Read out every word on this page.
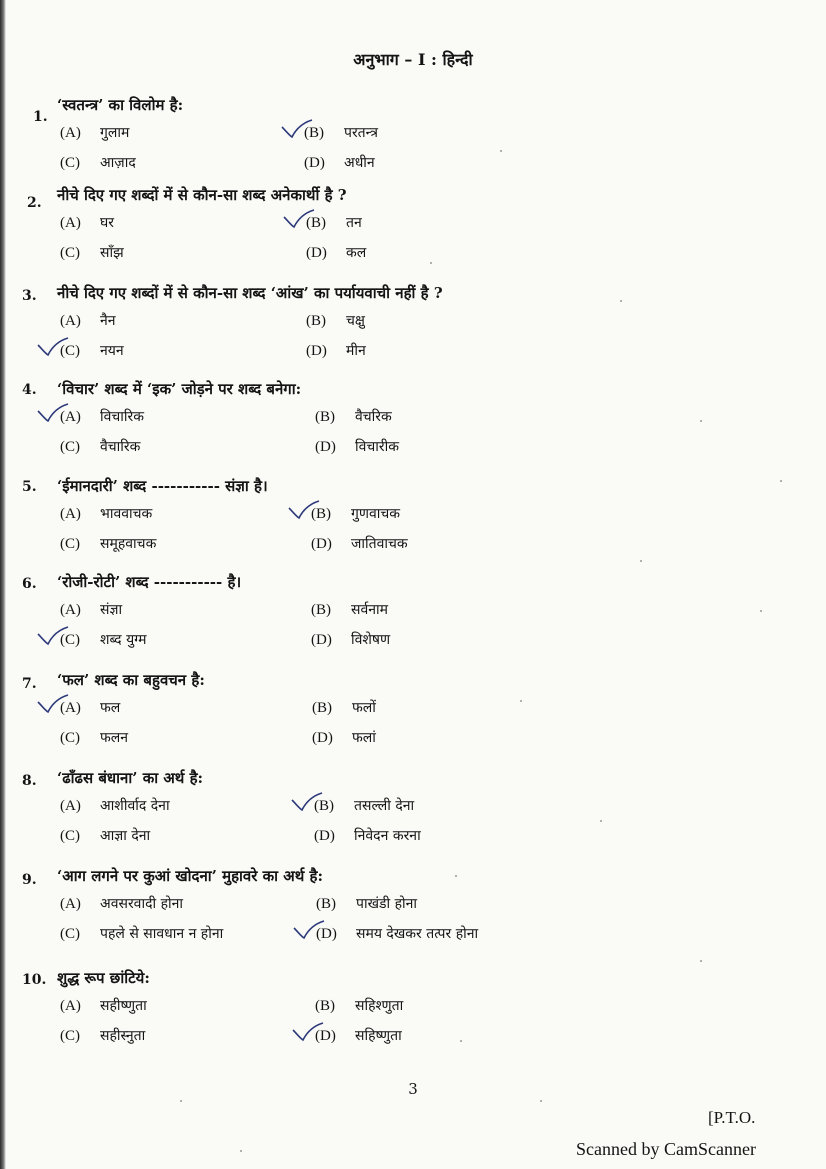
अनुभाग – I : हिन्दी
1.
‘स्वतन्त्र’ का विलोम है:
(A) गुलाम	(B) परतन्त्र
(C) आज़ाद	(D) अधीन
2. नीचे दिए गए शब्दों में से कौन-सा शब्द अनेकार्थी है ?
(A) घर	(B) तन
(C) साँझ	(D) कल
3. नीचे दिए गए शब्दों में से कौन-सा शब्द ‘आंख’ का पर्यायवाची नहीं है ?
(A) नैन	(B) चक्षु
(C) नयन	(D) मीन
4. ‘विचार’ शब्द में ‘इक’ जोड़ने पर शब्द बनेगा:
(A) विचारिक	(B) वैचरिक
(C) वैचारिक	(D) विचारीक
5. ‘ईमानदारी’ शब्द ----------- संज्ञा है।
(A) भाववाचक	(B) गुणवाचक
(C) समूहवाचक	(D) जातिवाचक
6. ‘रोजी-रोटी’ शब्द ----------- है।
(A) संज्ञा	(B) सर्वनाम
(C) शब्द युग्म	(D) विशेषण
7. ‘फल’ शब्द का बहुवचन है:
(A) फल	(B) फलों
(C) फलन	(D) फलां
8. ‘ढाँढस बंधाना’ का अर्थ है:
(A) आशीर्वाद देना	(B) तसल्ली देना
(C) आज्ञा देना	(D) निवेदन करना
9. ‘आग लगने पर कुआं खोदना’ मुहावरे का अर्थ है:
(A) अवसरवादी होना	(B) पाखंडी होना
(C) पहले से सावधान न होना	(D) समय देखकर तत्पर होना
10. शुद्ध रूप छांटिये:
(A) सहीष्णुता	(B) सहिश्णुता
(C) सहीस्नुता	(D) सहिष्णुता
3
[P.T.O.
Scanned by CamScanner
